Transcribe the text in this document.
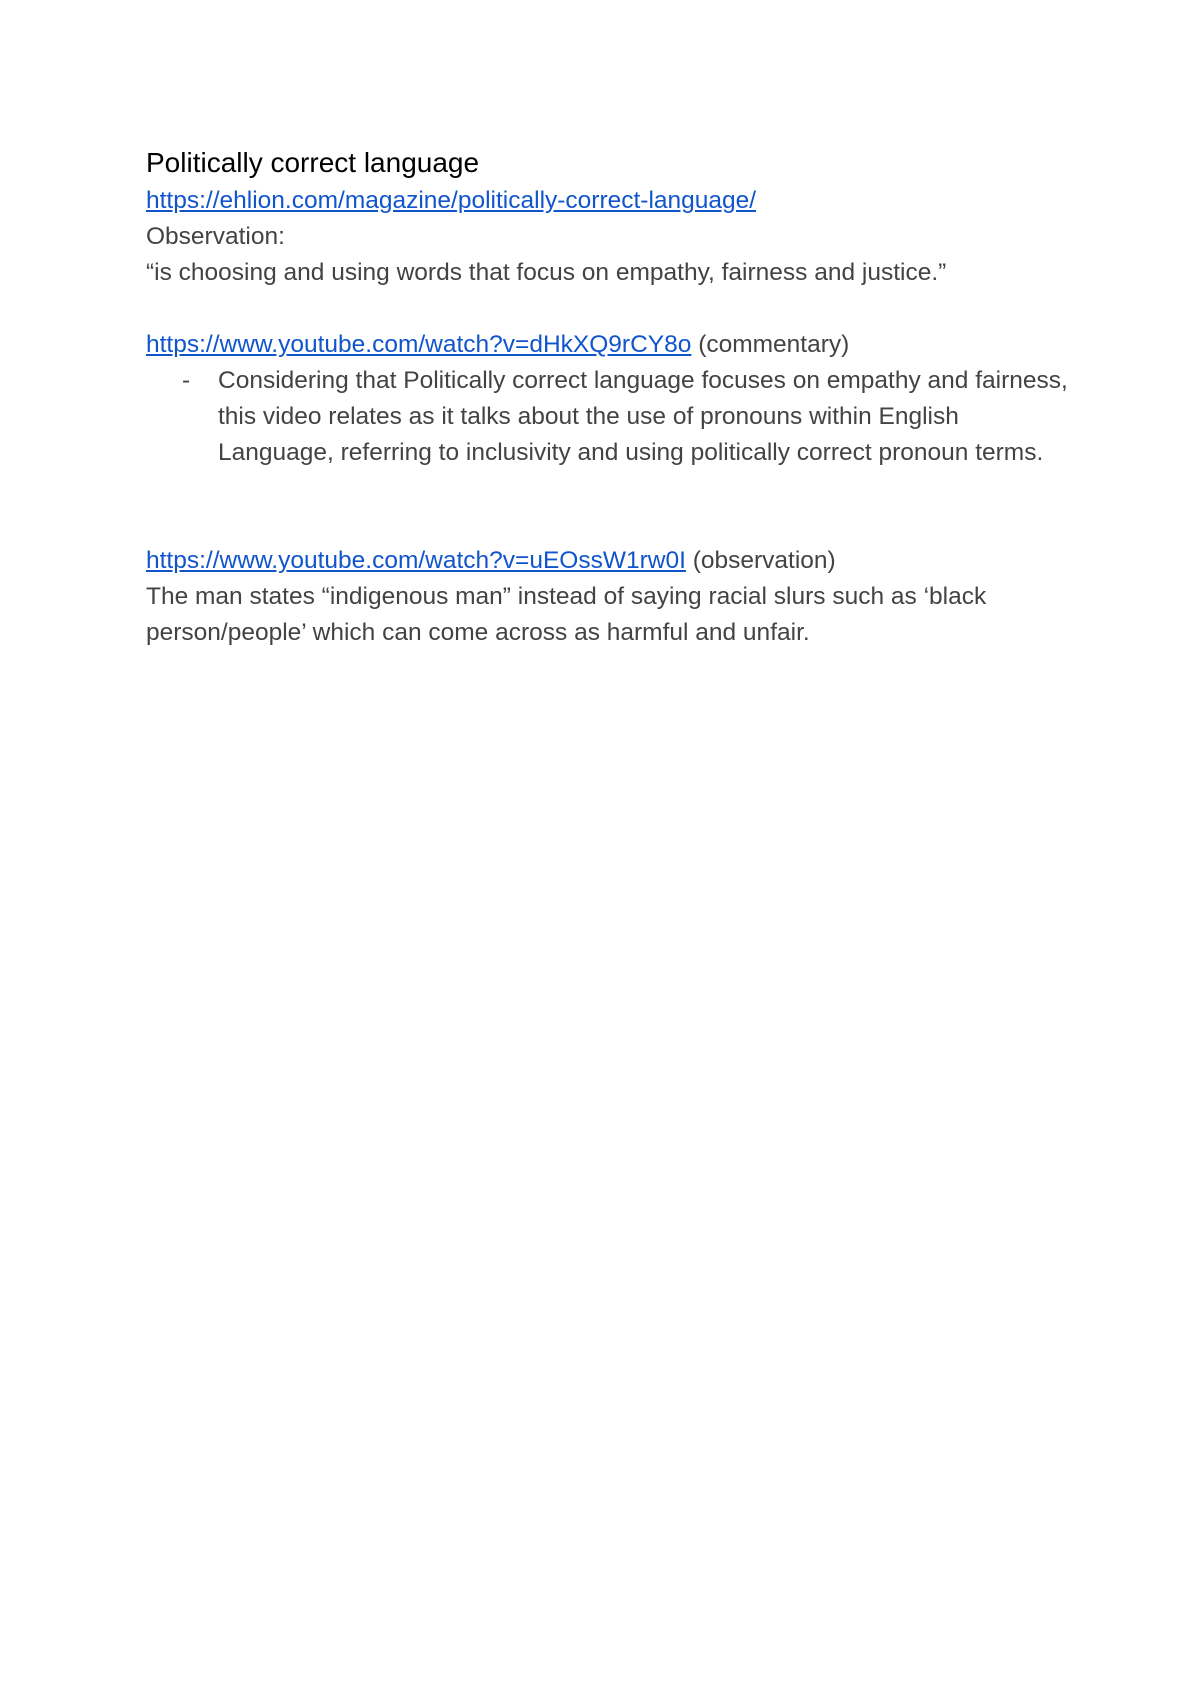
Politically correct language
https://ehlion.com/magazine/politically-correct-language/
Observation:
“is choosing and using words that focus on empathy, fairness and justice.”
https://www.youtube.com/watch?v=dHkXQ9rCY8o (commentary)
-	Considering that Politically correct language focuses on empathy and fairness, this video relates as it talks about the use of pronouns within English Language, referring to inclusivity and using politically correct pronoun terms.
https://www.youtube.com/watch?v=uEOssW1rw0I (observation)
The man states “indigenous man” instead of saying racial slurs such as ‘black person/people’ which can come across as harmful and unfair.
